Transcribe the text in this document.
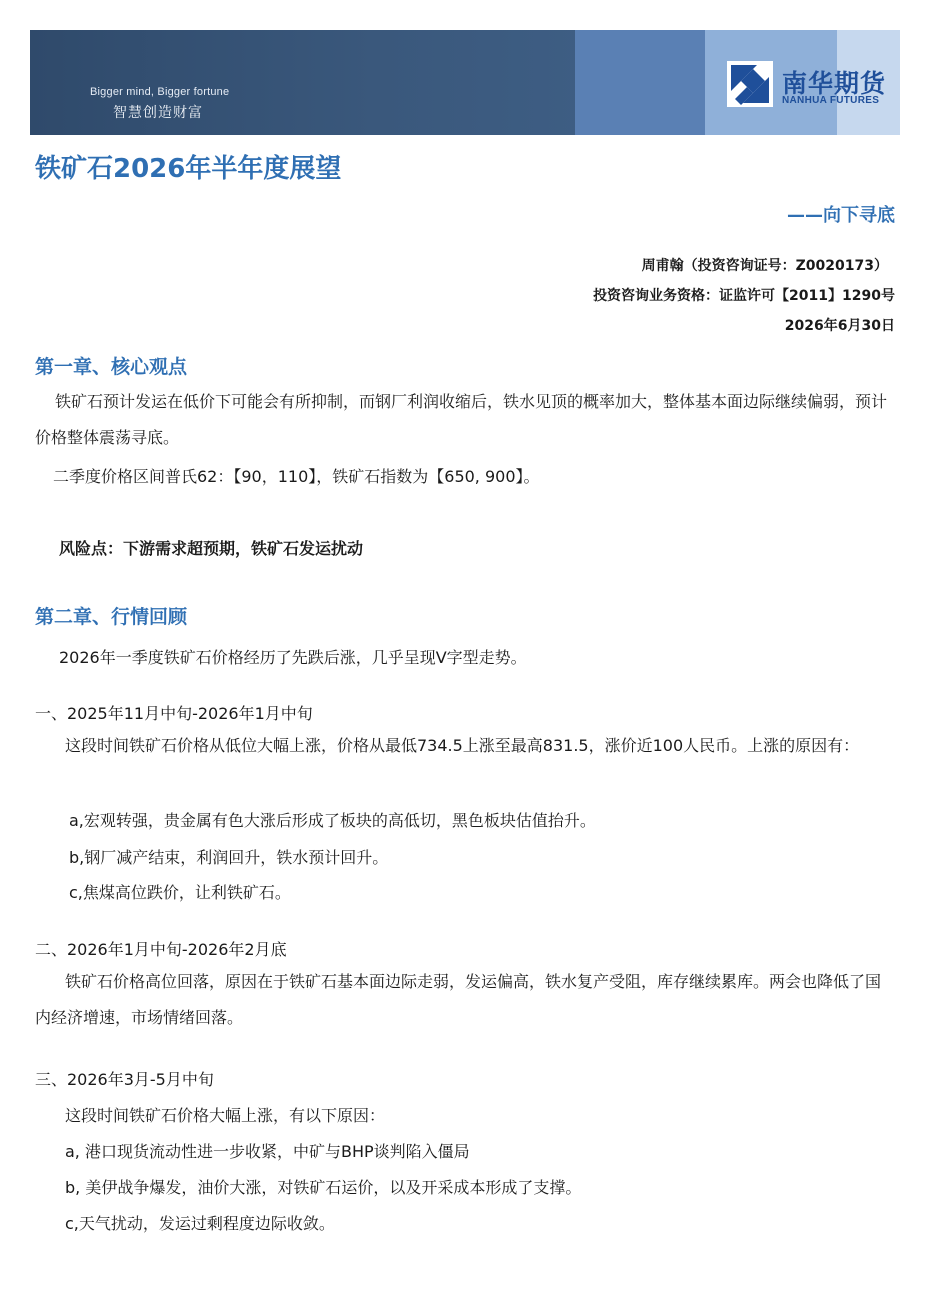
Bigger mind, Bigger fortune
智慧创造财富
南华期货
NANHUA FUTURES
铁矿石2026年半年度展望
——向下寻底
周甫翰（投资咨询证号：Z0020173）
投资咨询业务资格：证监许可【2011】1290号
2026年6月30日
第一章、核心观点
铁矿石预计发运在低价下可能会有所抑制，而钢厂利润收缩后，铁水见顶的概率加大，整体基本面边际继续偏弱，预计价格整体震荡寻底。
二季度价格区间普氏62：【90，110】，铁矿石指数为【650, 900】。
风险点：下游需求超预期，铁矿石发运扰动
第二章、行情回顾
2026年一季度铁矿石价格经历了先跌后涨，几乎呈现V字型走势。
一、2025年11月中旬-2026年1月中旬
这段时间铁矿石价格从低位大幅上涨，价格从最低734.5上涨至最高831.5，涨价近100人民币。上涨的原因有：
a,宏观转强，贵金属有色大涨后形成了板块的高低切，黑色板块估值抬升。
b,钢厂减产结束，利润回升，铁水预计回升。
c,焦煤高位跌价，让利铁矿石。
二、2026年1月中旬-2026年2月底
铁矿石价格高位回落，原因在于铁矿石基本面边际走弱，发运偏高，铁水复产受阻，库存继续累库。两会也降低了国内经济增速，市场情绪回落。
三、2026年3月-5月中旬
这段时间铁矿石价格大幅上涨，有以下原因：
a, 港口现货流动性进一步收紧，中矿与BHP谈判陷入僵局
b, 美伊战争爆发，油价大涨，对铁矿石运价，以及开采成本形成了支撑。
c,天气扰动，发运过剩程度边际收敛。
